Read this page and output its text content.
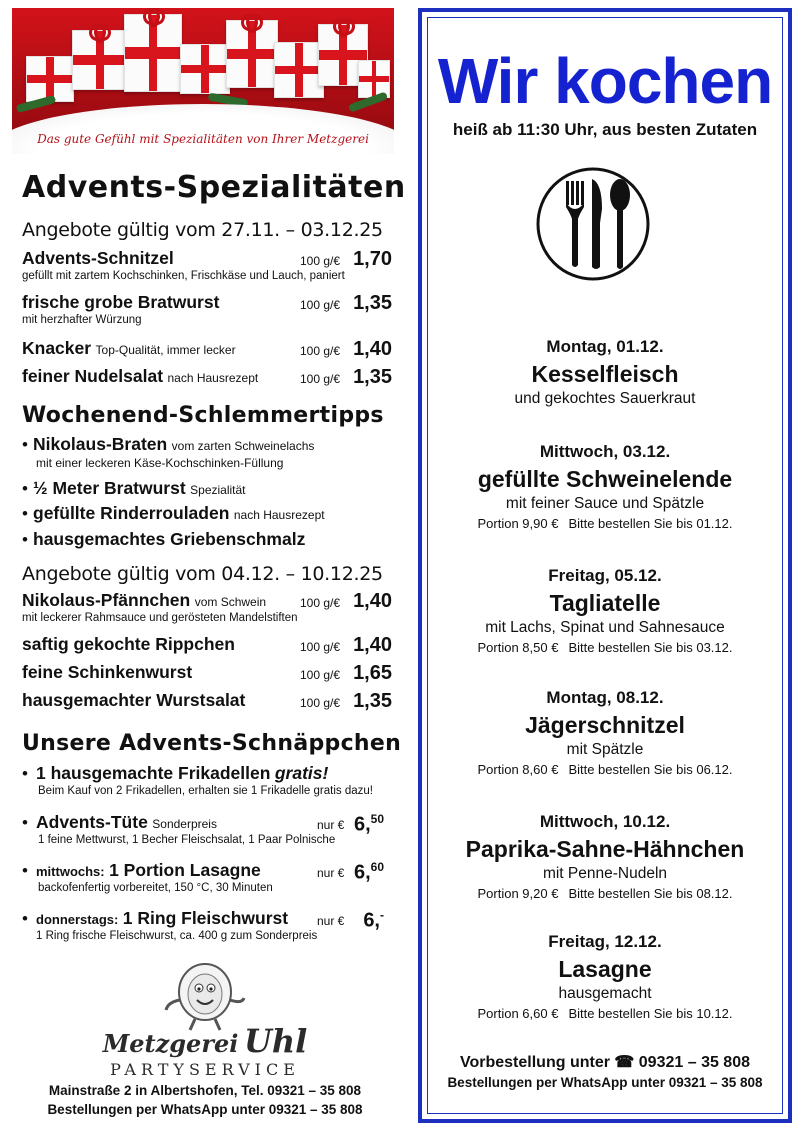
Das gute Gefühl mit Spezialitäten von Ihrer Metzgerei
Advents-Spezialitäten
Angebote gültig vom 27.11. – 03.12.25
Advents-Schnitzel	100 g/€ 1,70
gefüllt mit zartem Kochschinken, Frischkäse und Lauch, paniert
frische grobe Bratwurst	100 g/€ 1,35
mit herzhafter Würzung
Knacker Top-Qualität, immer lecker	100 g/€ 1,40
feiner Nudelsalat nach Hausrezept	100 g/€ 1,35
Wochenend-Schlemmertipps
• Nikolaus-Braten vom zarten Schweinelachs
mit einer leckeren Käse-Kochschinken-Füllung
• ½ Meter Bratwurst Spezialität
• gefüllte Rinderrouladen nach Hausrezept
• hausgemachtes Griebenschmalz
Angebote gültig vom 04.12. – 10.12.25
Nikolaus-Pfännchen vom Schwein	100 g/€ 1,40
mit leckerer Rahmsauce und gerösteten Mandelstiften
saftig gekochte Rippchen	100 g/€ 1,40
feine Schinkenwurst	100 g/€ 1,65
hausgemachter Wurstsalat	100 g/€ 1,35
Unsere Advents-Schnäppchen
• 1 hausgemachte Frikadellen gratis!
Beim Kauf von 2 Frikadellen, erhalten sie 1 Frikadelle gratis dazu!
• Advents-Tüte Sonderpreis	nur € 6,50
1 feine Mettwurst, 1 Becher Fleischsalat, 1 Paar Polnische
• mittwochs: 1 Portion Lasagne	nur € 6,60
backofenfertig vorbereitet, 150 °C, 30 Minuten
• donnerstags: 1 Ring Fleischwurst nur € 6,-
1 Ring frische Fleischwurst, ca. 400 g zum Sonderpreis
Metzgerei Uhl
PARTYSERVICE
Mainstraße 2 in Albertshofen, Tel. 09321 – 35 808
Bestellungen per WhatsApp unter 09321 – 35 808
Wir kochen
heiß ab 11:30 Uhr, aus besten Zutaten
Montag, 01.12.
Kesselfleisch
und gekochtes Sauerkraut
Mittwoch, 03.12.
gefüllte Schweinelende
mit feiner Sauce und Spätzle
Portion 9,90 € Bitte bestellen Sie bis 01.12.
Freitag, 05.12.
Tagliatelle
mit Lachs, Spinat und Sahnesauce
Portion 8,50 € Bitte bestellen Sie bis 03.12.
Montag, 08.12.
Jägerschnitzel
mit Spätzle
Portion 8,60 € Bitte bestellen Sie bis 06.12.
Mittwoch, 10.12.
Paprika-Sahne-Hähnchen
mit Penne-Nudeln
Portion 9,20 € Bitte bestellen Sie bis 08.12.
Freitag, 12.12.
Lasagne
hausgemacht
Portion 6,60 € Bitte bestellen Sie bis 10.12.
Vorbestellung unter ☎ 09321 – 35 808
Bestellungen per WhatsApp unter 09321 – 35 808
